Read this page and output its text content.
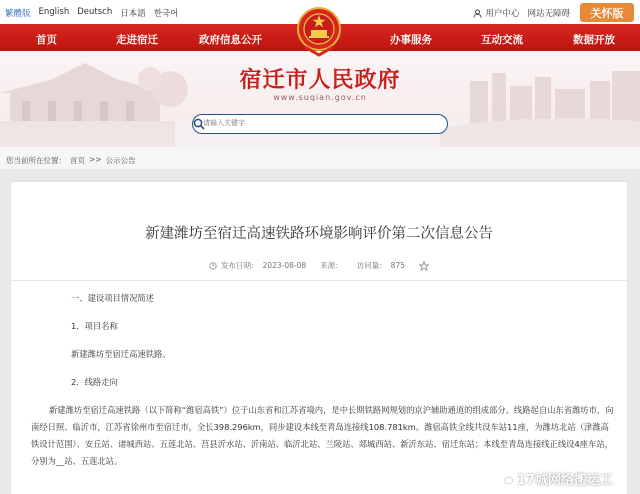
繁體版 English Deutsch 日本語 한국어	用户中心 网站无障碍	关怀版
首页	走进宿迁	政府信息公开	办事服务	互动交流	数据开放
宿迁市人民政府
www.suqian.gov.cn
请输入关键字
您当前所在位置： 首页 >> 公示公告
新建潍坊至宿迁高速铁路环境影响评价第二次信息公告
发布日期： 2023-08-08 来源： 访问量： 875

一、建设项目情况简述

1．项目名称

新建潍坊至宿迁高速铁路。

2．线路走向

新建潍坊至宿迁高速铁路（以下简称“潍宿高铁”）位于山东省和江苏省境内，是中长期铁路网规划的京沪辅助通道的组成部分。线路起自山东省潍坊市，向南经日照、临沂市，江苏省徐州市至宿迁市，全长398.296km，同步建设本线至青岛连接线108.781km。潍宿高铁全线共设车站11座，为潍坊北站（津潍高铁设计范围）、安丘站、诸城西站、五莲北站、莒县沂水站、沂南站、临沂北站、兰陵站、郯城西站、新沂东站、宿迁东站；本线至青岛连接线正线设4座车站，分别为__站、五莲北站。

17城网络搬运工
